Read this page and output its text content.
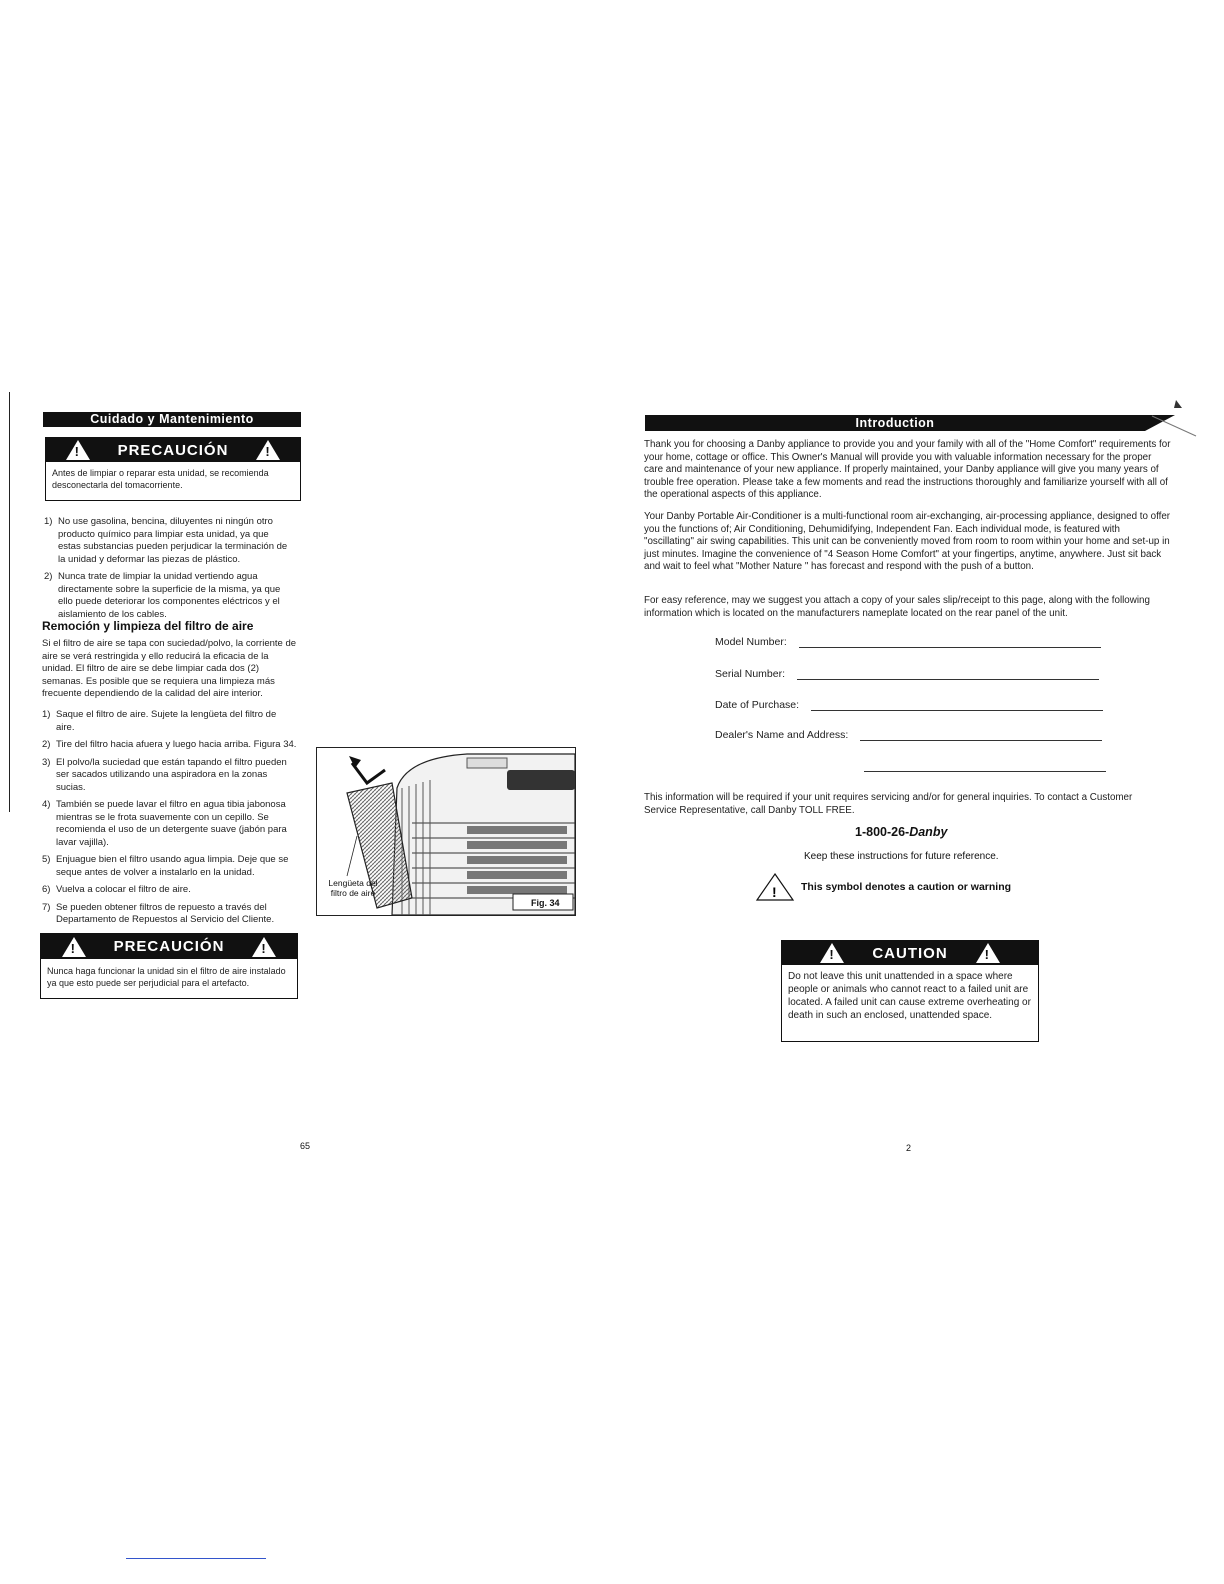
Cuidado y Mantenimiento
!
PRECAUCIÓN
!
Antes de limpiar o reparar esta unidad, se recomienda desconectarla del tomacorriente.
1) No use gasolina, bencina, diluyentes ni ningún otro producto químico para limpiar esta unidad, ya que estas substancias pueden perjudicar la terminación de la unidad y deformar las piezas de plástico.
2) Nunca trate de limpiar la unidad vertiendo agua directamente sobre la superficie de la misma, ya que ello puede deteriorar los componentes eléctricos y el aislamiento de los cables.
Remoción y limpieza del filtro de aire
Si el filtro de aire se tapa con suciedad/polvo, la corriente de aire se verá restringida y ello reducirá la eficacia de la unidad. El filtro de aire se debe limpiar cada dos (2) semanas. Es posible que se requiera una limpieza más frecuente dependiendo de la calidad del aire interior.
1) Saque el filtro de aire. Sujete la lengüeta del filtro de aire.
2) Tire del filtro hacia afuera y luego hacia arriba. Figura 34.
3) El polvo/la suciedad que están tapando el filtro pueden ser sacados utilizando una aspiradora en la zonas sucias.
4) También se puede lavar el filtro en agua tibia jabonosa mientras se le frota suavemente con un cepillo. Se recomienda el uso de un detergente suave (jabón para lavar vajilla).
5) Enjuague bien el filtro usando agua limpia. Deje que se seque antes de volver a instalarlo en la unidad.
6) Vuelva a colocar el filtro de aire.
7) Se pueden obtener filtros de repuesto a través del Departamento de Repuestos al Servicio del Cliente.
Lengüeta del filtro de aire
Fig. 34
!
PRECAUCIÓN
!
Nunca haga funcionar la unidad sin el filtro de aire instalado ya que esto puede ser perjudicial para el artefacto.
65
Introduction
Thank you for choosing a Danby appliance to provide you and your family with all of the "Home Comfort" requirements for your home, cottage or office. This Owner's Manual will provide you with valuable information necessary for the proper care and maintenance of your new appliance. If properly maintained, your Danby appliance will give you many years of trouble free operation. Please take a few moments and read the instructions thoroughly and familiarize yourself with all of the operational aspects of this appliance.
Your Danby Portable Air-Conditioner is a multi-functional room air-exchanging, air-processing appliance, designed to offer you the functions of; Air Conditioning, Dehumidifying, Independent Fan. Each individual mode, is featured with "oscillating" air swing capabilities. This unit can be conveniently moved from room to room within your home and set-up in just minutes. Imagine the convenience of "4 Season Home Comfort" at your fingertips, anytime, anywhere. Just sit back and wait to feel what "Mother Nature " has forecast and respond with the push of a button.
For easy reference, may we suggest you attach a copy of your sales slip/receipt to this page, along with the following information which is located on the manufacturers nameplate located on the rear panel of the unit.
Model Number:
Serial Number:
Date of Purchase:
Dealer's Name and Address:
This information will be required if your unit requires servicing and/or for general inquiries. To contact a Customer Service Representative, call Danby TOLL FREE.
1-800-26-Danby
Keep these instructions for future reference.
! This symbol denotes a caution or warning
!
CAUTION
!
Do not leave this unit unattended in a space where people or animals who cannot react to a failed unit are located. A failed unit can cause extreme overheating or death in such an enclosed, unattended space.
2
